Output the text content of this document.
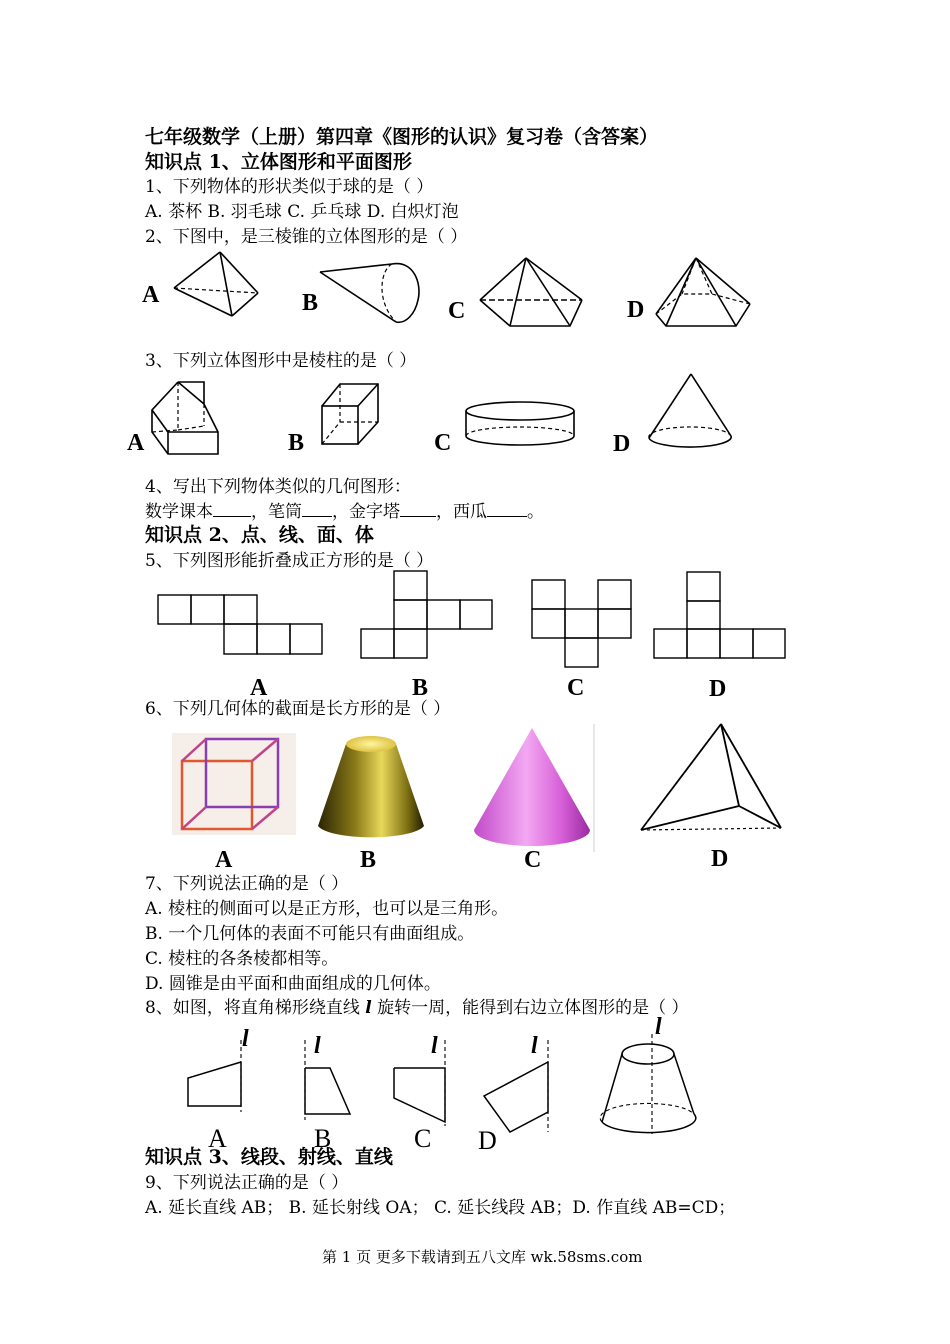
七年级数学（上册）第四章《图形的认识》复习卷（含答案）
知识点 1、立体图形和平面图形
1、下列物体的形状类似于球的是（ ）
A. 茶杯 B. 羽毛球 C. 乒乓球 D. 白炽灯泡
2、下图中，是三棱锥的立体图形的是（ ）
A	B	C	D
3、下列立体图形中是棱柱的是（ ）
A	B	C	D
4、写出下列物体类似的几何图形：
数学课本 ，笔筒 ，金字塔 ，西瓜 。
知识点 2、点、线、面、体
5、下列图形能折叠成正方形的是（ ）
A	B	C	D
6、下列几何体的截面是长方形的是（ ）
A	B	C	D
7、下列说法正确的是（ ）
A. 棱柱的侧面可以是正方形，也可以是三角形。
B. 一个几何体的表面不可能只有曲面组成。
C. 棱柱的各条棱都相等。
D. 圆锥是由平面和曲面组成的几何体。
8、如图，将直角梯形绕直线 l 旋转一周，能得到右边立体图形的是（ ）
l
A
l
B
l
C
l
D
l
知识点 3、线段、射线、直线
9、下列说法正确的是（ ）
A. 延长直线 AB； B. 延长射线 OA； C. 延长线段 AB；D. 作直线 AB=CD；
第 1 页 更多下载请到五八文库 wk.58sms.com
